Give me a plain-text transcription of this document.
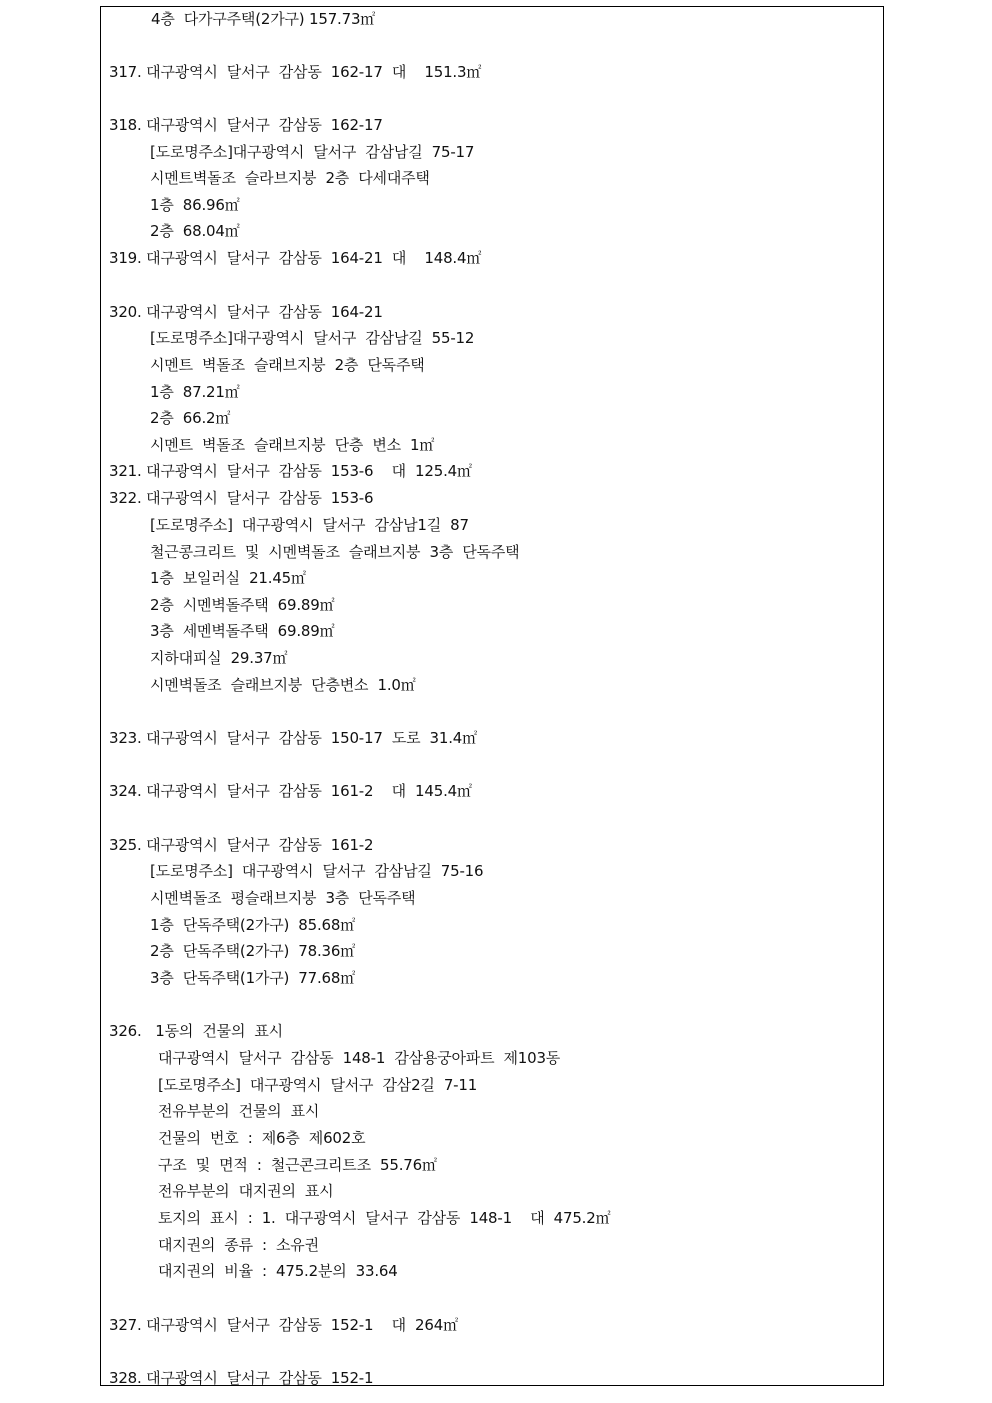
4층  다가구주택(2가구) 157.73㎡
317. 대구광역시  달서구  감삼동  162-17  대    151.3㎡
318. 대구광역시  달서구  감삼동  162-17
[도로명주소]대구광역시  달서구  감삼남길  75-17
시멘트벽돌조  슬라브지붕  2층  다세대주택
1층  86.96㎡
2층  68.04㎡
319. 대구광역시  달서구  감삼동  164-21  대    148.4㎡
320. 대구광역시  달서구  감삼동  164-21
[도로명주소]대구광역시  달서구  감삼남길  55-12
시멘트  벽돌조  슬래브지붕  2층  단독주택
1층  87.21㎡
2층  66.2㎡
시멘트  벽돌조  슬래브지붕  단층  변소  1㎡
321. 대구광역시  달서구  감삼동  153-6    대  125.4㎡
322. 대구광역시  달서구  감삼동  153-6
[도로명주소]  대구광역시  달서구  감삼남1길  87
철근콩크리트  및  시멘벽돌조  슬래브지붕  3층  단독주택
1층  보일러실  21.45㎡
2층  시멘벽돌주택  69.89㎡
3층  세멘벽돌주택  69.89㎡
지하대피실  29.37㎡
시멘벽돌조  슬래브지붕  단층변소  1.0㎡
323. 대구광역시  달서구  감삼동  150-17  도로  31.4㎡
324. 대구광역시  달서구  감삼동  161-2    대  145.4㎡
325. 대구광역시  달서구  감삼동  161-2
[도로명주소]  대구광역시  달서구  감삼남길  75-16
시멘벽돌조  평슬래브지붕  3층  단독주택
1층  단독주택(2가구)  85.68㎡
2층  단독주택(2가구)  78.36㎡
3층  단독주택(1가구)  77.68㎡
326.   1동의  건물의  표시
대구광역시  달서구  감삼동  148-1  감삼용궁아파트  제103동
[도로명주소]  대구광역시  달서구  감삼2길  7-11
전유부분의  건물의  표시
건물의  번호  :  제6층  제602호
구조  및  면적  :  철근콘크리트조  55.76㎡
전유부분의  대지권의  표시
토지의  표시  :  1.  대구광역시  달서구  감삼동  148-1    대  475.2㎡
대지권의  종류  :  소유권
대지권의  비율  :  475.2분의  33.64
327. 대구광역시  달서구  감삼동  152-1    대  264㎡
328. 대구광역시  달서구  감삼동  152-1
